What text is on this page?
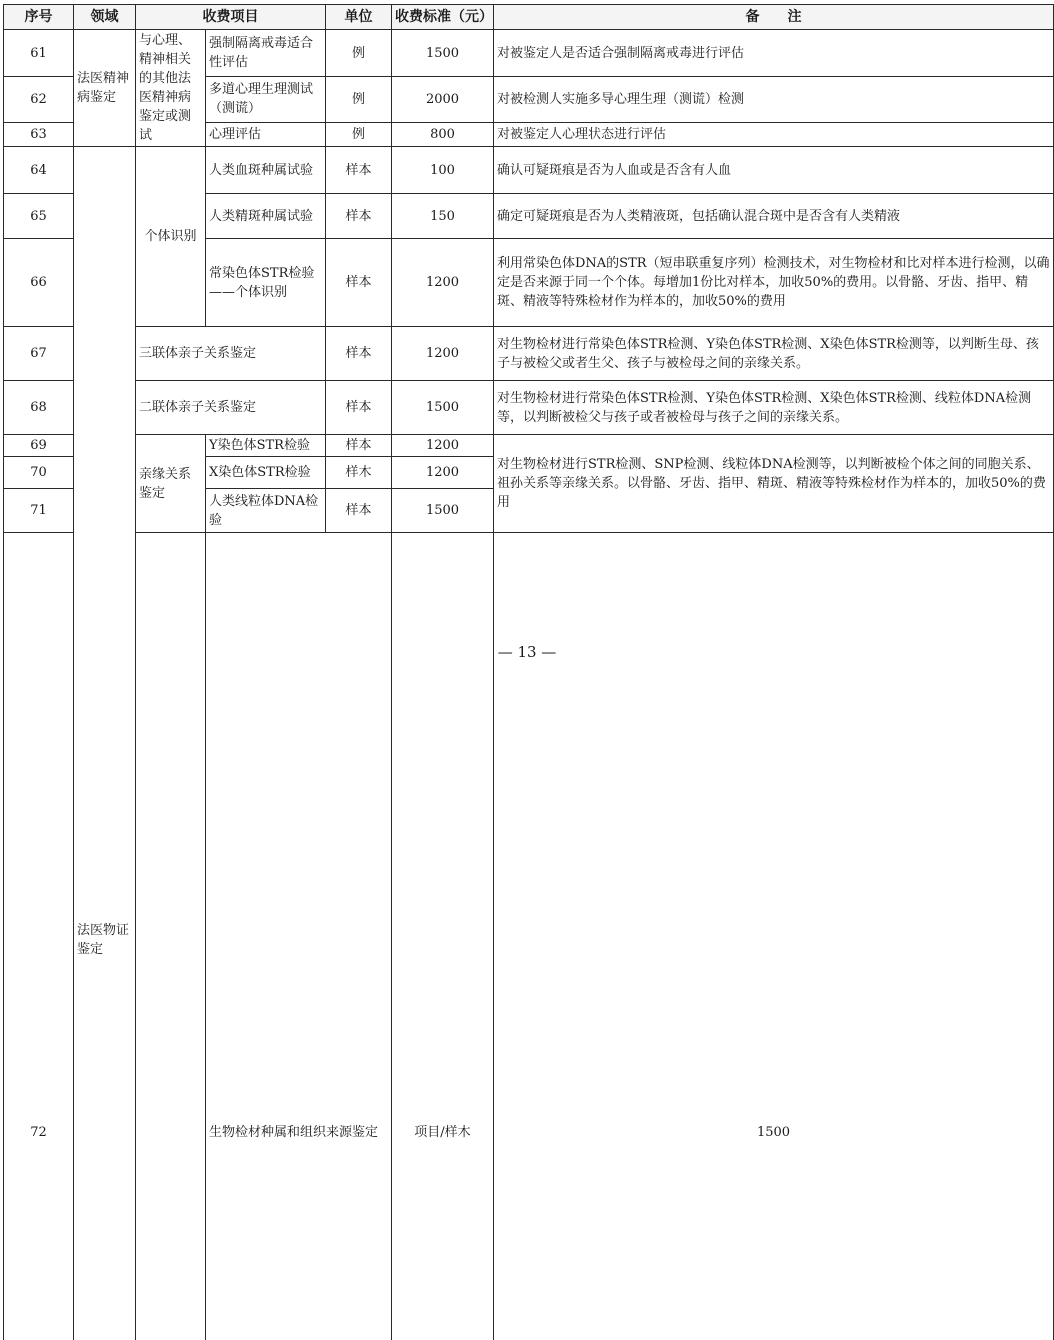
序号	领域	收费项目		单位	收费标准（元）	备　　注	
61	法医精神病鉴定	与心理、精神相关的其他法医精神病鉴定或测试	强制隔离戒毒适合性评估	例	1500	对被鉴定人是否适合强制隔离戒毒进行评估	
62			多道心理生理测试（测谎）	例	2000	对被检测人实施多导心理生理（测谎）检测	
63			心理评估	例	800	对被鉴定人心理状态进行评估	
64	法医物证鉴定	个体识别	人类血斑种属试验	样本	100	确认可疑斑痕是否为人血或是否含有人血	
65			人类精斑种属试验	样本	150	确定可疑斑痕是否为人类精液斑，包括确认混合斑中是否含有人类精液	
66			常染色体STR检验——个体识别	样本	1200	利用常染色体DNA的STR（短串联重复序列）检测技术，对生物检材和比对样本进行检测，以确定是否来源于同一个个体。每增加1份比对样本，加收50%的费用。以骨骼、牙齿、指甲、精斑、精液等特殊检材作为样本的，加收50%的费用	
67		三联体亲子关系鉴定		样本	1200	对生物检材进行常染色体STR检测、Y染色体STR检测、X染色体STR检测等，以判断生母、孩子与被检父或者生父、孩子与被检母之间的亲缘关系。	
68		二联体亲子关系鉴定		样本	1500	对生物检材进行常染色体STR检测、Y染色体STR检测、X染色体STR检测、线粒体DNA检测等，以判断被检父与孩子或者被检母与孩子之间的亲缘关系。	
69		亲缘关系鉴定	Y染色体STR检验	样本	1200	对生物检材进行STR检测、SNP检测、线粒体DNA检测等，以判断被检个体之间的同胞关系、祖孙关系等亲缘关系。以骨骼、牙齿、指甲、精斑、精液等特殊检材作为样本的，加收50%的费用	
70			X染色体STR检验	样木	1200		
71			人类线粒体DNA检验	样本	1500		
72			生物检材种属和组织来源鉴定		项目/样木	1500	
— 13 —
